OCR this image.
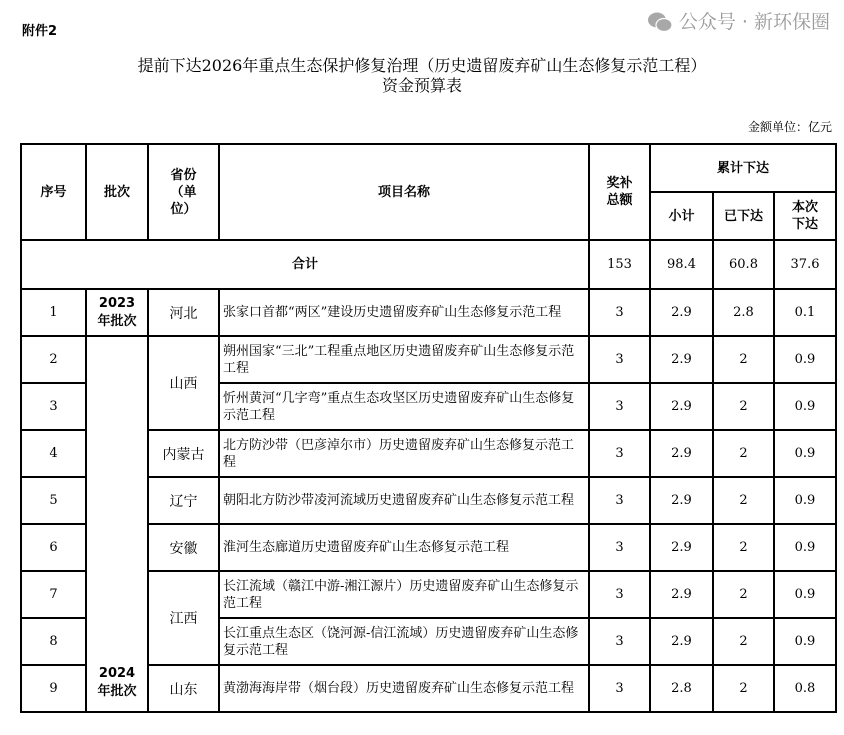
附件2
提前下达2026年重点生态保护修复治理（历史遗留废弃矿山生态修复示范工程）
资金预算表
金额单位：亿元
序号	批次	省份（单位）	项目名称	奖补总额	累计下达		
					小计	已下达	本次下达
合计				153	98.4	60.8	37.6
1	2023年批次	河北	张家口首都“两区”建设历史遗留废弃矿山生态修复示范工程	3	2.9	2.8	0.1
2	2024年批次	山西	朔州国家“三北”工程重点地区历史遗留废弃矿山生态修复示范工程	3	2.9	2	0.9
3			忻州黄河“几字弯”重点生态攻坚区历史遗留废弃矿山生态修复示范工程	3	2.9	2	0.9
4		内蒙古	北方防沙带（巴彦淖尔市）历史遗留废弃矿山生态修复示范工程	3	2.9	2	0.9
5		辽宁	朝阳北方防沙带凌河流域历史遗留废弃矿山生态修复示范工程	3	2.9	2	0.9
6		安徽	淮河生态廊道历史遗留废弃矿山生态修复示范工程	3	2.9	2	0.9
7		江西	长江流域（赣江中游-湘江源片）历史遗留废弃矿山生态修复示范工程	3	2.9	2	0.9
8			长江重点生态区（饶河源-信江流域）历史遗留废弃矿山生态修复示范工程	3	2.9	2	0.9
9		山东	黄渤海海岸带（烟台段）历史遗留废弃矿山生态修复示范工程	3	2.8	2	0.8
公众号 · 新环保圈
